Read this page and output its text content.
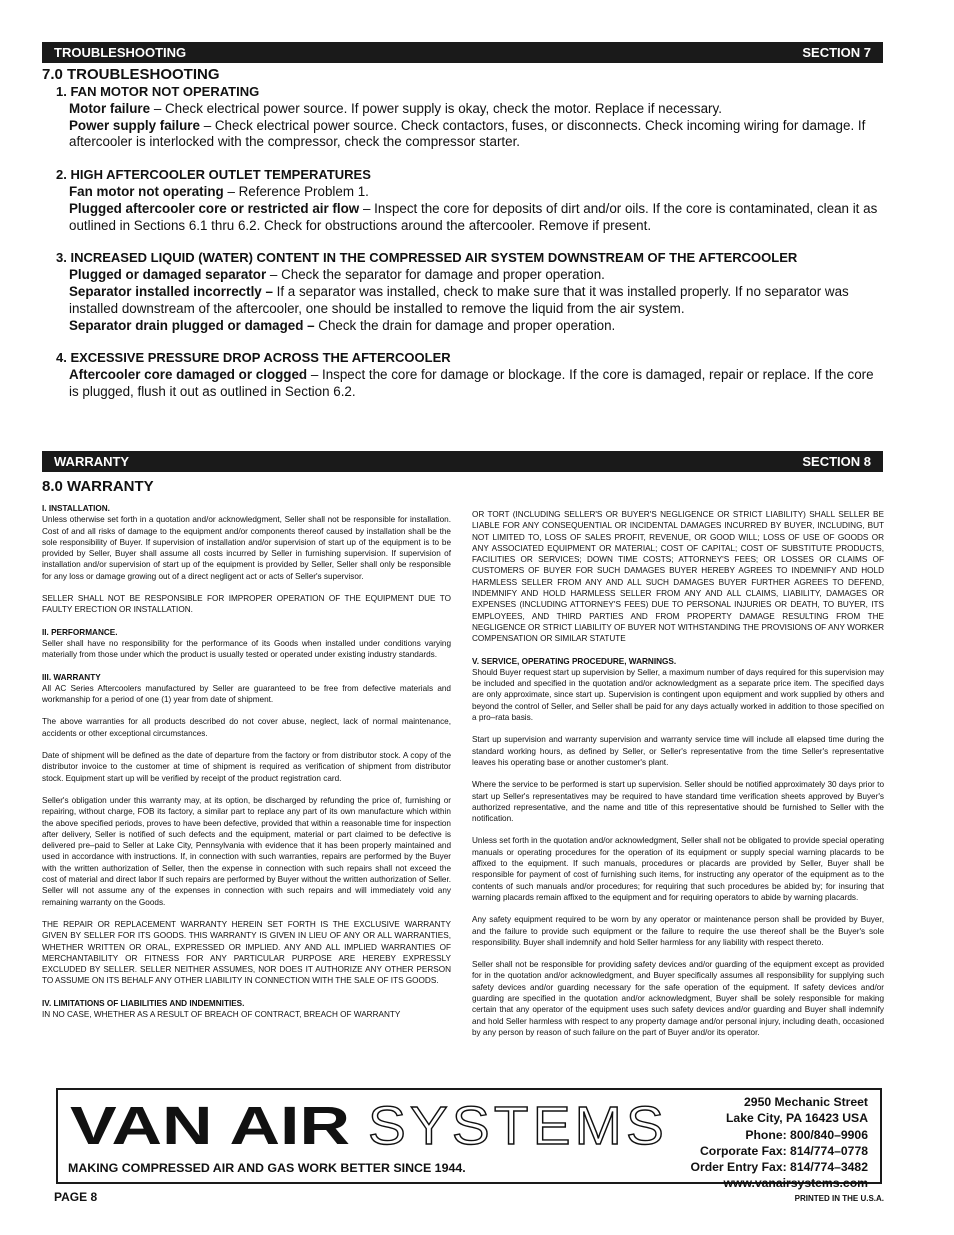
TROUBLESHOOTING	SECTION 7
7.0 TROUBLESHOOTING
1. FAN MOTOR NOT OPERATING
Motor failure – Check electrical power source. If power supply is okay, check the motor. Replace if necessary.
Power supply failure – Check electrical power source. Check contactors, fuses, or disconnects. Check incoming wiring for damage. If aftercooler is interlocked with the compressor, check the compressor starter.
2. HIGH AFTERCOOLER OUTLET TEMPERATURES
Fan motor not operating – Reference Problem 1.
Plugged aftercooler core or restricted air flow – Inspect the core for deposits of dirt and/or oils. If the core is contaminated, clean it as outlined in Sections 6.1 thru 6.2. Check for obstructions around the aftercooler. Remove if present.
3. INCREASED LIQUID (WATER) CONTENT IN THE COMPRESSED AIR SYSTEM DOWNSTREAM OF THE AFTERCOOLER
Plugged or damaged separator – Check the separator for damage and proper operation.
Separator installed incorrectly – If a separator was installed, check to make sure that it was installed properly. If no separator was installed downstream of the aftercooler, one should be installed to remove the liquid from the air system.
Separator drain plugged or damaged – Check the drain for damage and proper operation.
4. EXCESSIVE PRESSURE DROP ACROSS THE AFTERCOOLER
Aftercooler core damaged or clogged – Inspect the core for damage or blockage. If the core is damaged, repair or replace. If the core is plugged, flush it out as outlined in Section 6.2.
WARRANTY	SECTION 8
8.0 WARRANTY

I. INSTALLATION.

Unless otherwise set forth in a quotation and/or acknowledgment, Seller shall not be responsible for installation. Cost of and all risks of damage to the equipment and/or components thereof caused by installation shall be the sole responsibility of Buyer. If supervision of installation and/or supervision of start up of the equipment is to be provided by Seller, Buyer shall assume all costs incurred by Seller in furnishing supervision. If supervision of installation and/or supervision of start up of the equipment is provided by Seller, Seller shall only be responsible for any loss or damage growing out of a direct negligent act or acts of Seller's supervisor.

SELLER SHALL NOT BE RESPONSIBLE FOR IMPROPER OPERATION OF THE EQUIPMENT DUE TO FAULTY ERECTION OR INSTALLATION.

II. PERFORMANCE.

Seller shall have no responsibility for the performance of its Goods when installed under conditions varying materially from those under which the product is usually tested or operated under existing industry standards.

III. WARRANTY

All AC Series Aftercoolers manufactured by Seller are guaranteed to be free from defective materials and workmanship for a period of one (1) year from date of shipment.

The above warranties for all products described do not cover abuse, neglect, lack of normal maintenance, accidents or other exceptional circumstances.

Date of shipment will be defined as the date of departure from the factory or from distributor stock. A copy of the distributor invoice to the customer at time of shipment is required as verification of shipment from distributor stock. Equipment start up will be verified by receipt of the product registration card.

Seller's obligation under this warranty may, at its option, be discharged by refunding the price of, furnishing or repairing, without charge, FOB its factory, a similar part to replace any part of its own manufacture which within the above specified periods, proves to have been defective, provided that within a reasonable time for inspection after delivery, Seller is notified of such defects and the equipment, material or part claimed to be defective is delivered pre–paid to Seller at Lake City, Pennsylvania with evidence that it has been properly maintained and used in accordance with instructions. If, in connection with such warranties, repairs are performed by the Buyer with the written authorization of Seller, then the expense in connection with such repairs shall not exceed the cost of material and direct labor If such repairs are performed by Buyer without the written authorization of Seller. Seller will not assume any of the expenses in connection with such repairs and will immediately void any remaining warranty on the Goods.

THE REPAIR OR REPLACEMENT WARRANTY HEREIN SET FORTH IS THE EXCLUSIVE WARRANTY GIVEN BY SELLER FOR ITS GOODS. THIS WARRANTY IS GIVEN IN LIEU OF ANY OR ALL WARRANTIES, WHETHER WRITTEN OR ORAL, EXPRESSED OR IMPLIED. ANY AND ALL IMPLIED WARRANTIES OF MERCHANTABILITY OR FITNESS FOR ANY PARTICULAR PURPOSE ARE HEREBY EXPRESSLY EXCLUDED BY SELLER. SELLER NEITHER ASSUMES, NOR DOES IT AUTHORIZE ANY OTHER PERSON TO ASSUME ON ITS BEHALF ANY OTHER LIABILITY IN CONNECTION WITH THE SALE OF ITS GOODS.

IV. LIMITATIONS OF LIABILITIES AND INDEMNITIES.

IN NO CASE, WHETHER AS A RESULT OF BREACH OF CONTRACT, BREACH OF WARRANTY

OR TORT (INCLUDING SELLER'S OR BUYER'S NEGLIGENCE OR STRICT LIABILITY) SHALL SELLER BE LIABLE FOR ANY CONSEQUENTIAL OR INCIDENTAL DAMAGES INCURRED BY BUYER, INCLUDING, BUT NOT LIMITED TO, LOSS OF SALES PROFIT, REVENUE, OR GOOD WILL; LOSS OF USE OF GOODS OR ANY ASSOCIATED EQUIPMENT OR MATERIAL; COST OF CAPITAL; COST OF SUBSTITUTE PRODUCTS, FACILITIES OR SERVICES; DOWN TIME COSTS; ATTORNEY'S FEES; OR LOSSES OR CLAIMS OF CUSTOMERS OF BUYER FOR SUCH DAMAGES BUYER HEREBY AGREES TO INDEMNIFY AND HOLD HARMLESS SELLER FROM ANY AND ALL SUCH DAMAGES BUYER FURTHER AGREES TO DEFEND, INDEMNIFY AND HOLD HARMLESS SELLER FROM ANY AND ALL CLAIMS, LIABILITY, DAMAGES OR EXPENSES (INCLUDING ATTORNEY'S FEES) DUE TO PERSONAL INJURIES OR DEATH, TO BUYER, ITS EMPLOYEES, AND THIRD PARTIES AND FROM PROPERTY DAMAGE RESULTING FROM THE NEGLIGENCE OR STRICT LIABILITY OF BUYER NOT WITHSTANDING THE PROVISIONS OF ANY WORKER COMPENSATION OR SIMILAR STATUTE

V. SERVICE, OPERATING PROCEDURE, WARNINGS.

Should Buyer request start up supervision by Seller, a maximum number of days required for this supervision may be included and specified in the quotation and/or acknowledgment as a separate price item. The specified days are only approximate, since start up. Supervision is contingent upon equipment and work supplied by others and beyond the control of Seller, and Seller shall be paid for any days actually worked in addition to those specified on a pro–rata basis.

Start up supervision and warranty supervision and warranty service time will include all elapsed time during the standard working hours, as defined by Seller, or Seller's representative from the time Seller's representative leaves his operating base or another customer's plant.

Where the service to be performed is start up supervision. Seller should be notified approximately 30 days prior to start up Seller's representatives may be required to have standard time verification sheets approved by Buyer's authorized representative, and the name and title of this representative should be furnished to Seller with the notification.

Unless set forth in the quotation and/or acknowledgment, Seller shall not be obligated to provide special operating manuals or operating procedures for the operation of its equipment or supply special warning placards to be affixed to the equipment. If such manuals, procedures or placards are provided by Seller, Buyer shall be responsible for payment of cost of furnishing such items, for instructing any operator of the equipment as to the contents of such manuals and/or procedures; for requiring that such procedures be abided by; for insuring that warning placards remain affixed to the equipment and for requiring operators to abide by warning placards.

Any safety equipment required to be worn by any operator or maintenance person shall be provided by Buyer, and the failure to provide such equipment or the failure to require the use thereof shall be the Buyer's sole responsibility. Buyer shall indemnify and hold Seller harmless for any liability with respect thereto.

Seller shall not be responsible for providing safety devices and/or guarding of the equipment except as provided for in the quotation and/or acknowledgment, and Buyer specifically assumes all responsibility for supplying such safety devices and/or guarding necessary for the safe operation of the equipment. If safety devices and/or guarding are specified in the quotation and/or acknowledgment, Buyer shall be solely responsible for making certain that any operator of the equipment uses such safety devices and/or guarding and Buyer shall indemnify and hold Seller harmless with respect to any property damage and/or personal injury, including death, occasioned by any person by reason of such failure on the part of Buyer and/or its operator.

VAN AIR SYSTEMS
MAKING COMPRESSED AIR AND GAS WORK BETTER SINCE 1944.
2950 Mechanic Street
Lake City, PA 16423 USA
Phone: 800/840–9906
Corporate Fax: 814/774–0778
Order Entry Fax: 814/774–3482
www.vanairsystems.com
PAGE 8	PRINTED IN THE U.S.A.
